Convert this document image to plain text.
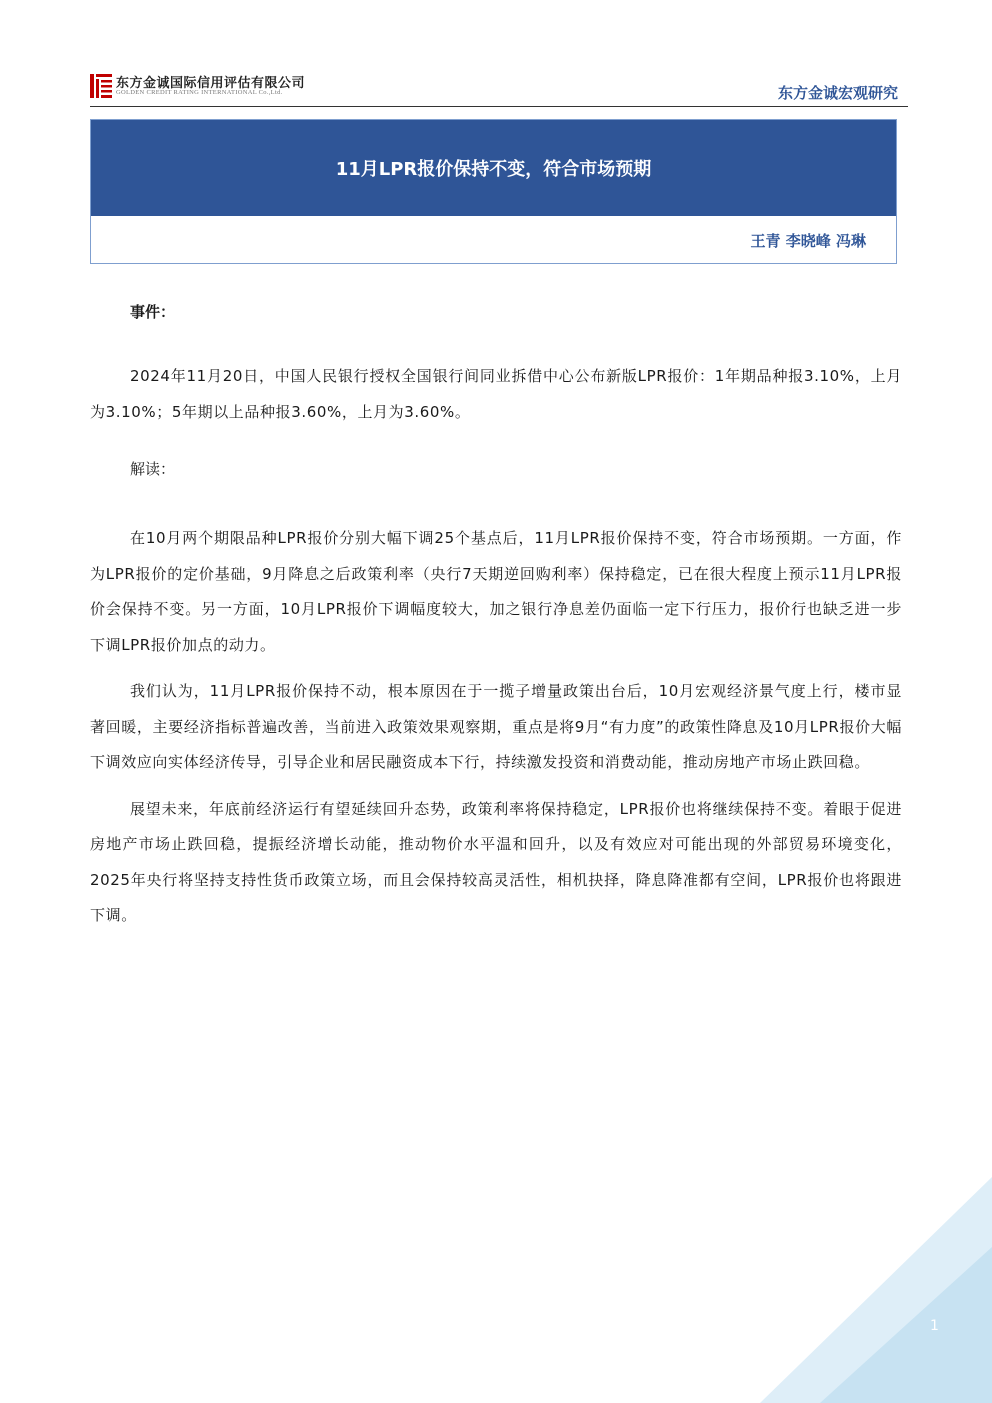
东方金诚国际信用评估有限公司
GOLDEN CREDIT RATING INTERNATIONAL Co.,Ltd.	东方金诚宏观研究
11月LPR报价保持不变，符合市场预期
王青 李晓峰 冯琳

事件：

2024年11月20日，中国人民银行授权全国银行间同业拆借中心公布新版LPR报价：1年期品种报3.10%，上月为3.10%；5年期以上品种报3.60%，上月为3.60%。

解读：

在10月两个期限品种LPR报价分别大幅下调25个基点后，11月LPR报价保持不变，符合市场预期。一方面，作为LPR报价的定价基础，9月降息之后政策利率（央行7天期逆回购利率）保持稳定，已在很大程度上预示11月LPR报价会保持不变。另一方面，10月LPR报价下调幅度较大，加之银行净息差仍面临一定下行压力，报价行也缺乏进一步下调LPR报价加点的动力。

我们认为，11月LPR报价保持不动，根本原因在于一揽子增量政策出台后，10月宏观经济景气度上行，楼市显著回暖，主要经济指标普遍改善，当前进入政策效果观察期，重点是将9月“有力度”的政策性降息及10月LPR报价大幅下调效应向实体经济传导，引导企业和居民融资成本下行，持续激发投资和消费动能，推动房地产市场止跌回稳。

展望未来，年底前经济运行有望延续回升态势，政策利率将保持稳定，LPR报价也将继续保持不变。着眼于促进房地产市场止跌回稳，提振经济增长动能，推动物价水平温和回升，以及有效应对可能出现的外部贸易环境变化，2025年央行将坚持支持性货币政策立场，而且会保持较高灵活性，相机抉择，降息降准都有空间，LPR报价也将跟进下调。

1
